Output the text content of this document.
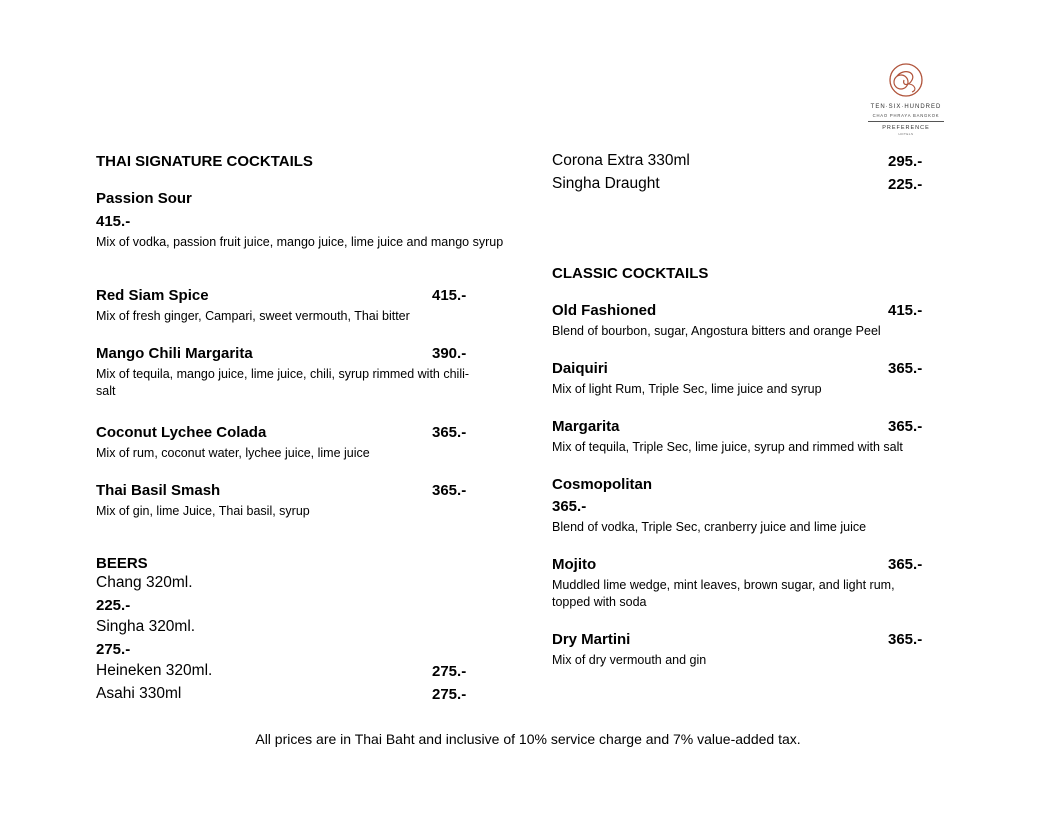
TEN·SIX·HUNDRED
CHAO PHRAYA BANGKOK
PREFERENCE
HOTELS
THAI SIGNATURE COCKTAILS
Passion Sour
415.-
Mix of vodka, passion fruit juice, mango juice, lime juice and mango syrup
Red Siam Spice	415.-
Mix of fresh ginger, Campari, sweet vermouth, Thai bitter
Mango Chili Margarita	390.-
Mix of tequila, mango juice, lime juice, chili, syrup rimmed with chili-salt
Coconut Lychee Colada	365.-
Mix of rum, coconut water, lychee juice, lime juice
Thai Basil Smash	365.-
Mix of gin, lime Juice, Thai basil, syrup
BEERS
Chang 320ml.
225.-
Singha 320ml.
275.-
Heineken 320ml.	275.-
Asahi 330ml	275.-
Corona Extra 330ml	295.-
Singha Draught	225.-
CLASSIC COCKTAILS
Old Fashioned	415.-
Blend of bourbon, sugar, Angostura bitters and orange Peel
Daiquiri	365.-
Mix of light Rum, Triple Sec, lime juice and syrup
Margarita	365.-
Mix of tequila, Triple Sec, lime juice, syrup and rimmed with salt
Cosmopolitan
365.-
Blend of vodka, Triple Sec, cranberry juice and lime juice
Mojito	365.-
Muddled lime wedge, mint leaves, brown sugar, and light rum, topped with soda
Dry Martini	365.-
Mix of dry vermouth and gin
All prices are in Thai Baht and inclusive of 10% service charge and 7% value-added tax.
